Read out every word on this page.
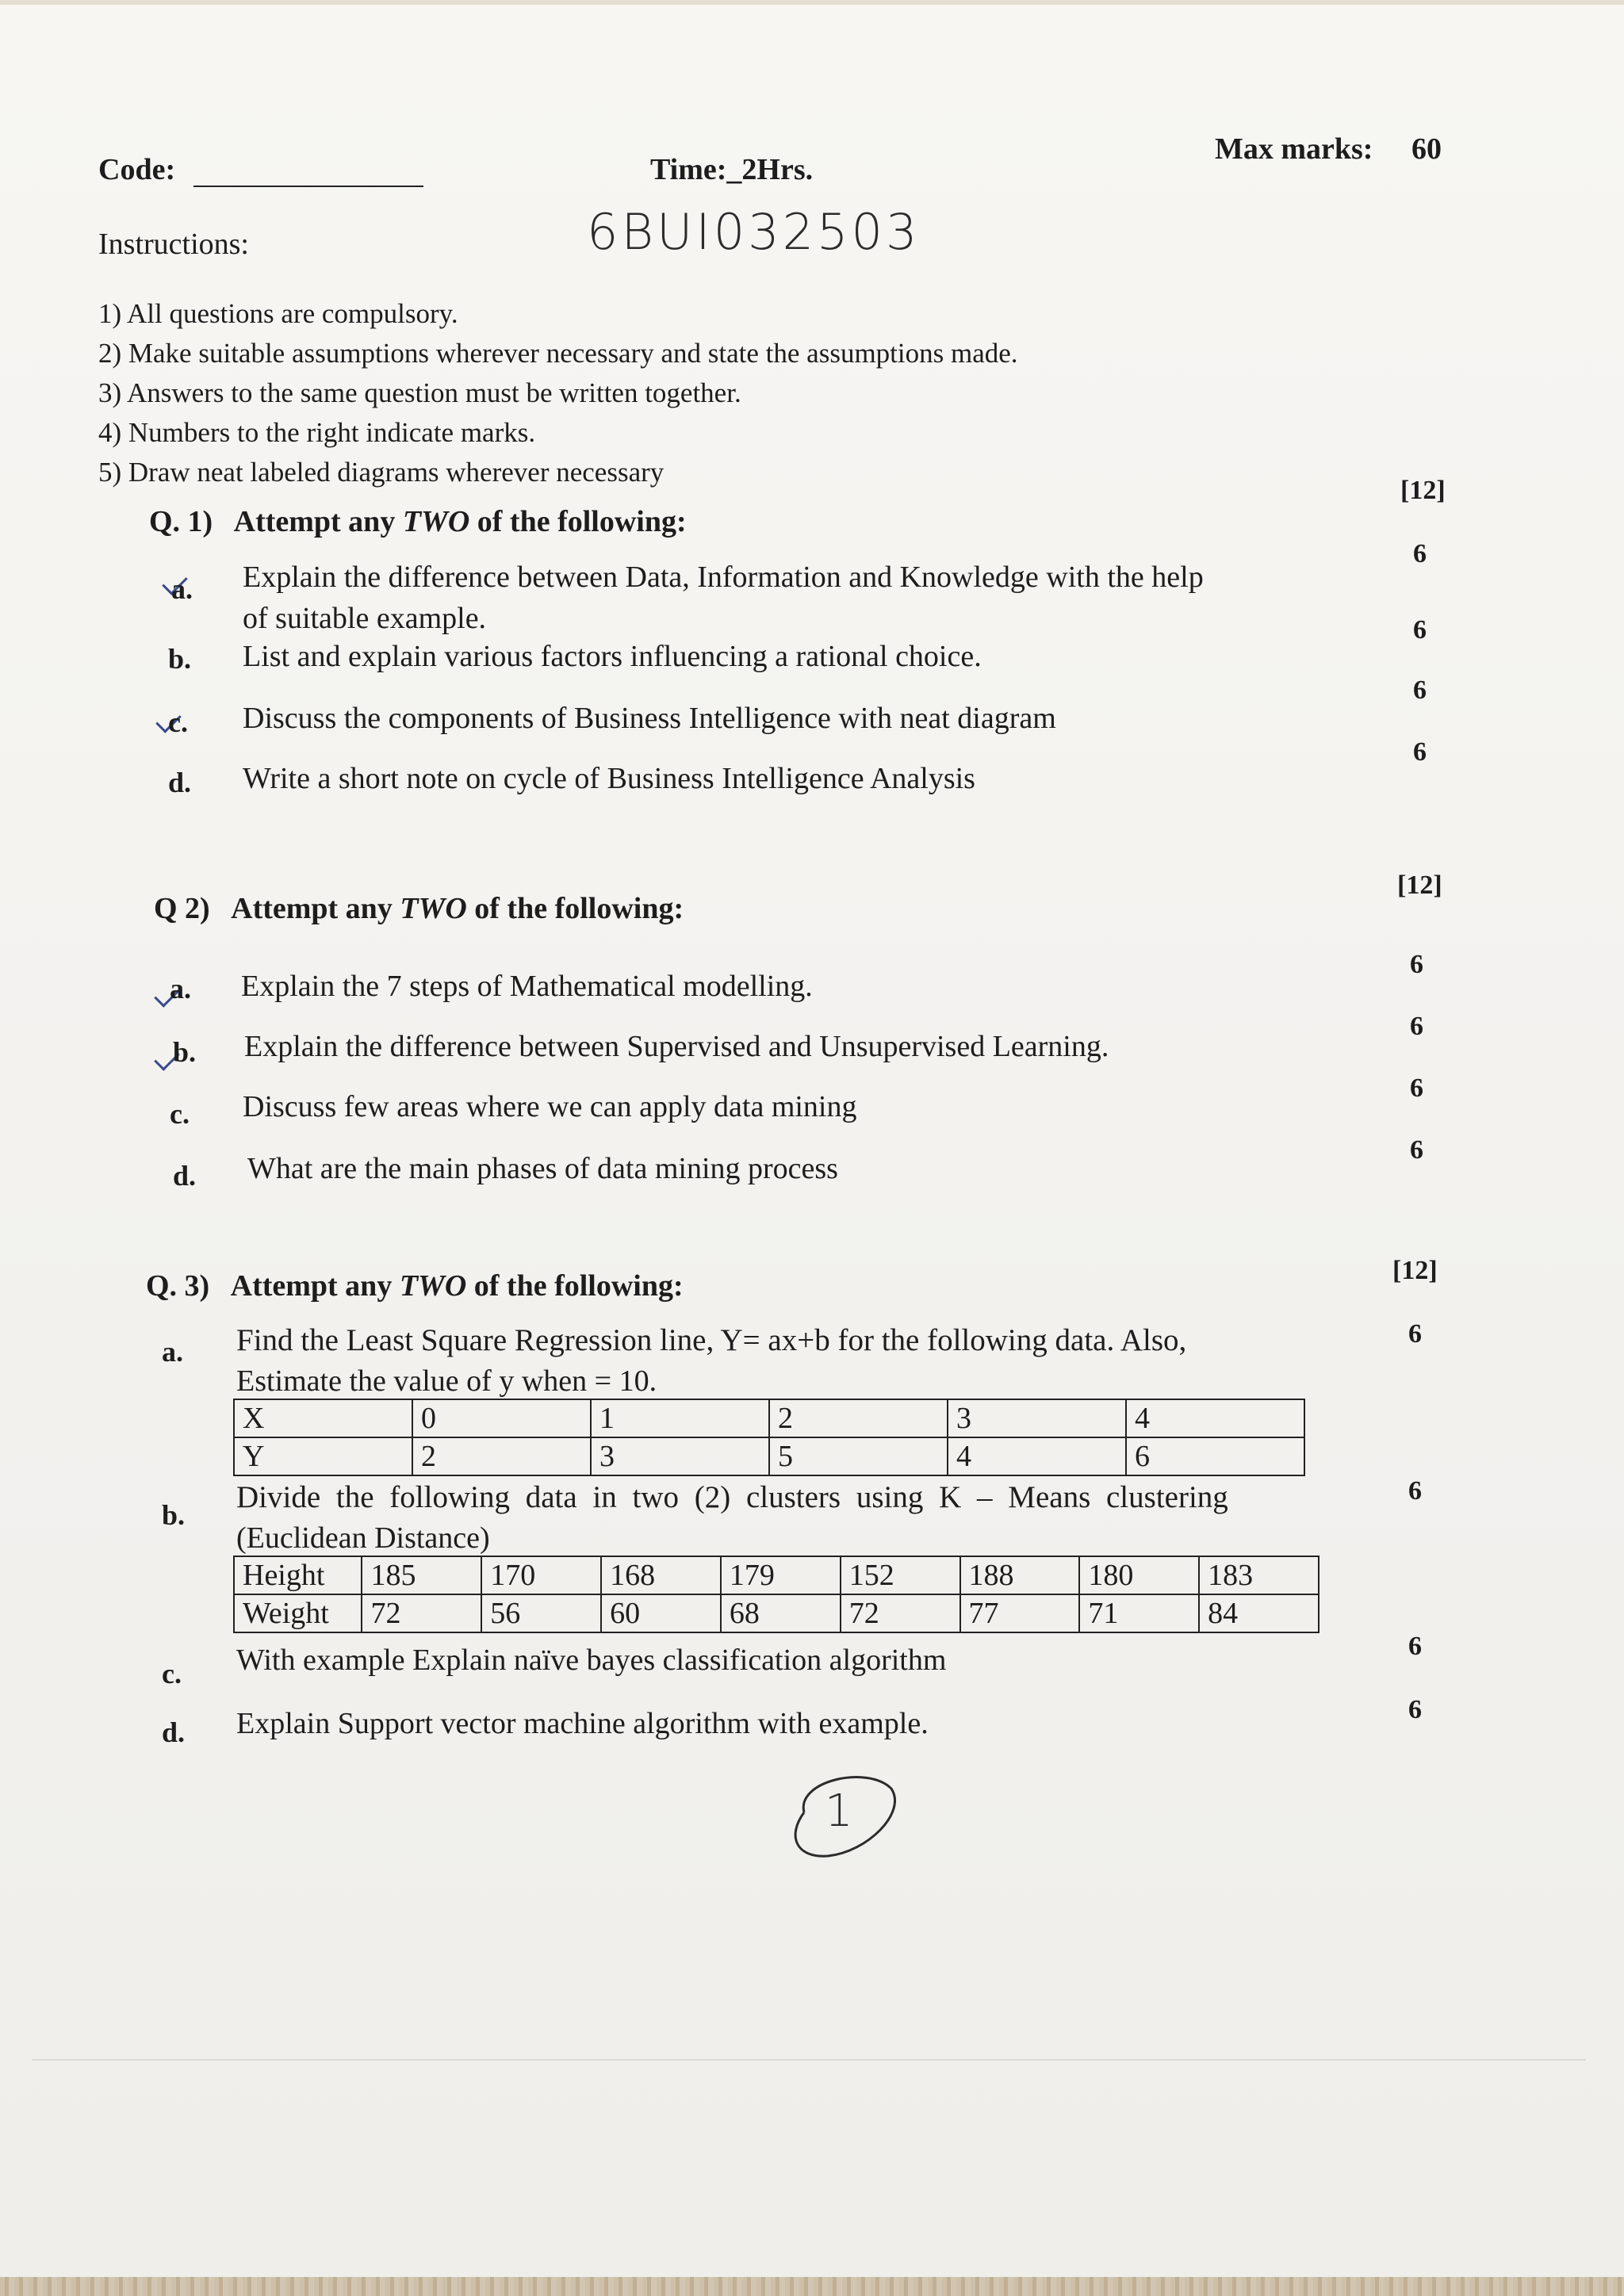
Code:	Time:_2Hrs.
Max marks: 60
Instructions:	6BUI032503
1) All questions are compulsory.
2) Make suitable assumptions wherever necessary and state the assumptions made.
3) Answers to the same question must be written together.
4) Numbers to the right indicate marks.
5) Draw neat labeled diagrams wherever necessary
Q. 1) Attempt any TWO of the following:
[12]
a. Explain the difference between Data, Information and Knowledge with the help
of suitable example.
6
b. List and explain various factors influencing a rational choice.
6
c. Discuss the components of Business Intelligence with neat diagram
6
d. Write a short note on cycle of Business Intelligence Analysis
6
Q 2) Attempt any TWO of the following:
[12]
a. Explain the 7 steps of Mathematical modelling.
6
b. Explain the difference between Supervised and Unsupervised Learning.
6
c. Discuss few areas where we can apply data mining
6
d. What are the main phases of data mining process
6
Q. 3) Attempt any TWO of the following:	[12]
a. Find the Least Square Regression line, Y= ax+b for the following data. Also,
Estimate the value of y when = 10.
6
X	0	1	2	3	4
Y	2	3	5	4	6
b.
Divide the following data in two (2) clusters using K – Means clustering
(Euclidean Distance)
6
Height	185	170	168	179	152	188	180	183
Weight	72	56	60	68	72	77	71	84
c. With example Explain naïve bayes classification algorithm	6
d. Explain Support vector machine algorithm with example.	6
1
